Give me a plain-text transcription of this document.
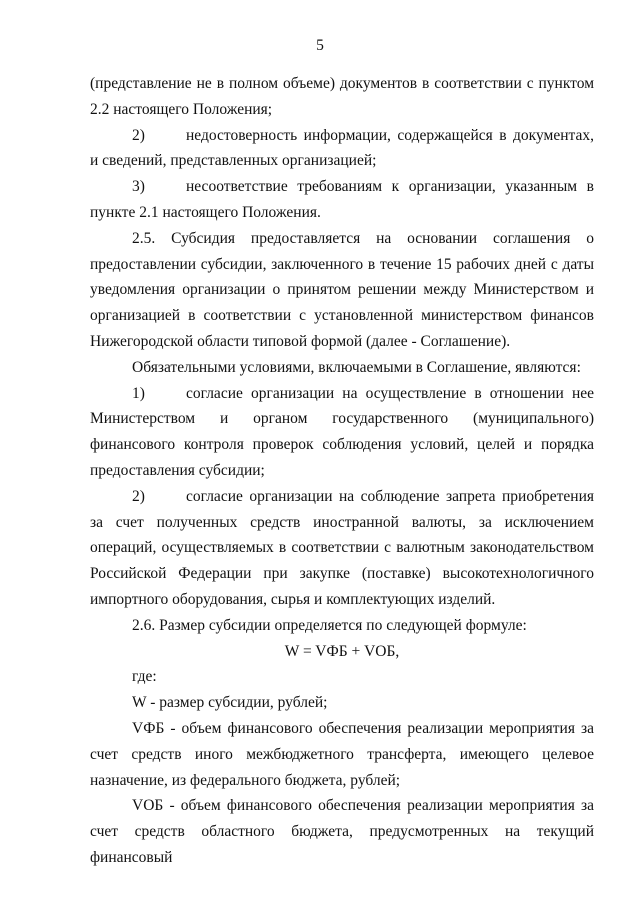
5

(представление не в полном объеме) документов в соответствии с пунктом 2.2 настоящего Положения;

2)	недостоверность информации, содержащейся в документах, и сведений, представленных организацией;

3)	несоответствие требованиям к организации, указанным в пункте 2.1 настоящего Положения.

2.5. Субсидия предоставляется на основании соглашения о предоставлении субсидии, заключенного в течение 15 рабочих дней с даты уведомления организации о принятом решении между Министерством и организацией в соответствии с установленной министерством финансов Нижегородской области типовой формой (далее - Соглашение).

Обязательными условиями, включаемыми в Соглашение, являются:

1)	согласие организации на осуществление в отношении нее Министерством и органом государственного (муниципального) финансового контроля проверок соблюдения условий, целей и порядка предоставления субсидии;

2)	согласие организации на соблюдение запрета приобретения за счет полученных средств иностранной валюты, за исключением операций, осуществляемых в соответствии с валютным законодательством Российской Федерации при закупке (поставке) высокотехнологичного импортного оборудования, сырья и комплектующих изделий.

2.6. Размер субсидии определяется по следующей формуле:

W = VФБ + VОБ,

где:

W - размер субсидии, рублей;

VФБ - объем финансового обеспечения реализации мероприятия за счет средств иного межбюджетного трансферта, имеющего целевое назначение, из федерального бюджета, рублей;

VОБ - объем финансового обеспечения реализации мероприятия за счет средств областного бюджета, предусмотренных на текущий финансовый
